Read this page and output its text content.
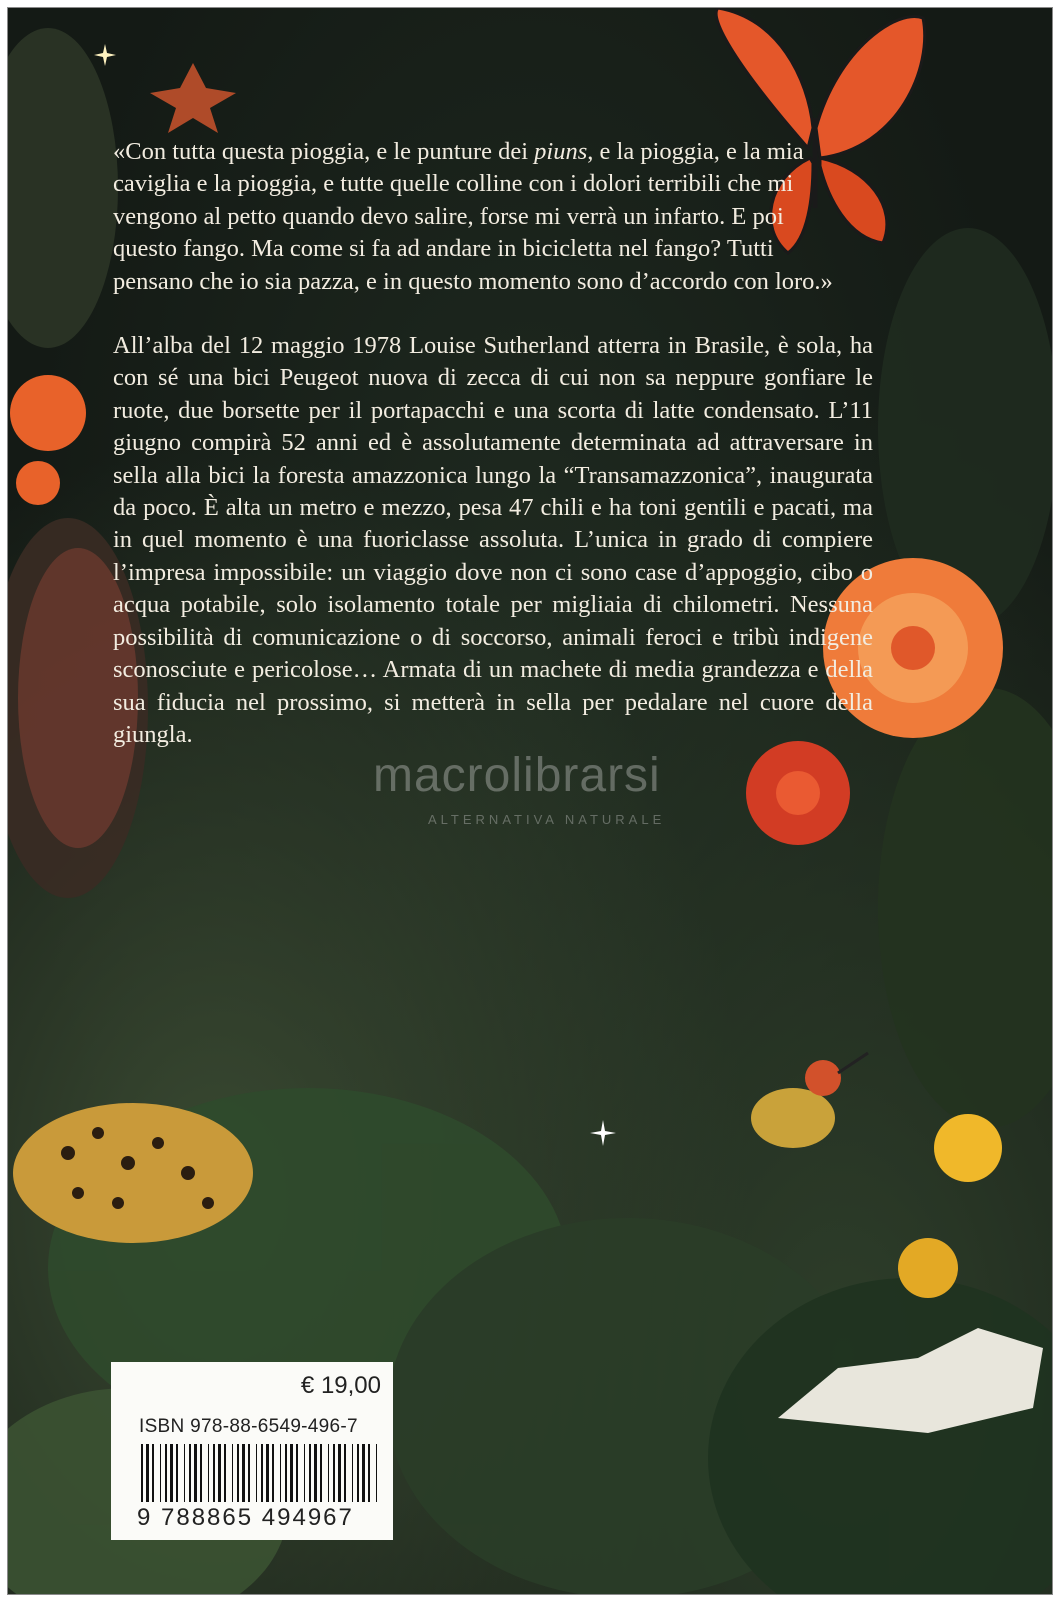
«Con tutta questa pioggia, e le punture dei piuns, e la pioggia, e la mia caviglia e la pioggia, e tutte quelle colline con i dolori terribili che mi vengono al petto quando devo salire, forse mi verrà un infarto. E poi questo fango. Ma come si fa ad andare in bicicletta nel fango? Tutti pensano che io sia pazza, e in questo momento sono d’accordo con loro.»

All’alba del 12 maggio 1978 Louise Sutherland atterra in Brasile, è sola, ha con sé una bici Peugeot nuova di zecca di cui non sa neppure gonfiare le ruote, due borsette per il portapacchi e una scorta di latte condensato. L’11 giugno compirà 52 anni ed è assolutamente determinata ad attraversare in sella alla bici la foresta amazzonica lungo la “Transamazzonica”, inaugurata da poco. È alta un metro e mezzo, pesa 47 chili e ha toni gentili e pacati, ma in quel momento è una fuoriclasse assoluta. L’unica in grado di compiere l’impresa impossibile: un viaggio dove non ci sono case d’appoggio, cibo o acqua potabile, solo isolamento totale per migliaia di chilometri. Nessuna possibilità di comunicazione o di soccorso, animali feroci e tribù indigene sconosciute e pericolose… Armata di un machete di media grandezza e della sua fiducia nel prossimo, si metterà in sella per pedalare nel cuore della giungla.

macrolibrarsi
ALTERNATIVA NATURALE
€ 19,00
ISBN 978-88-6549-496-7
9 788865 494967
